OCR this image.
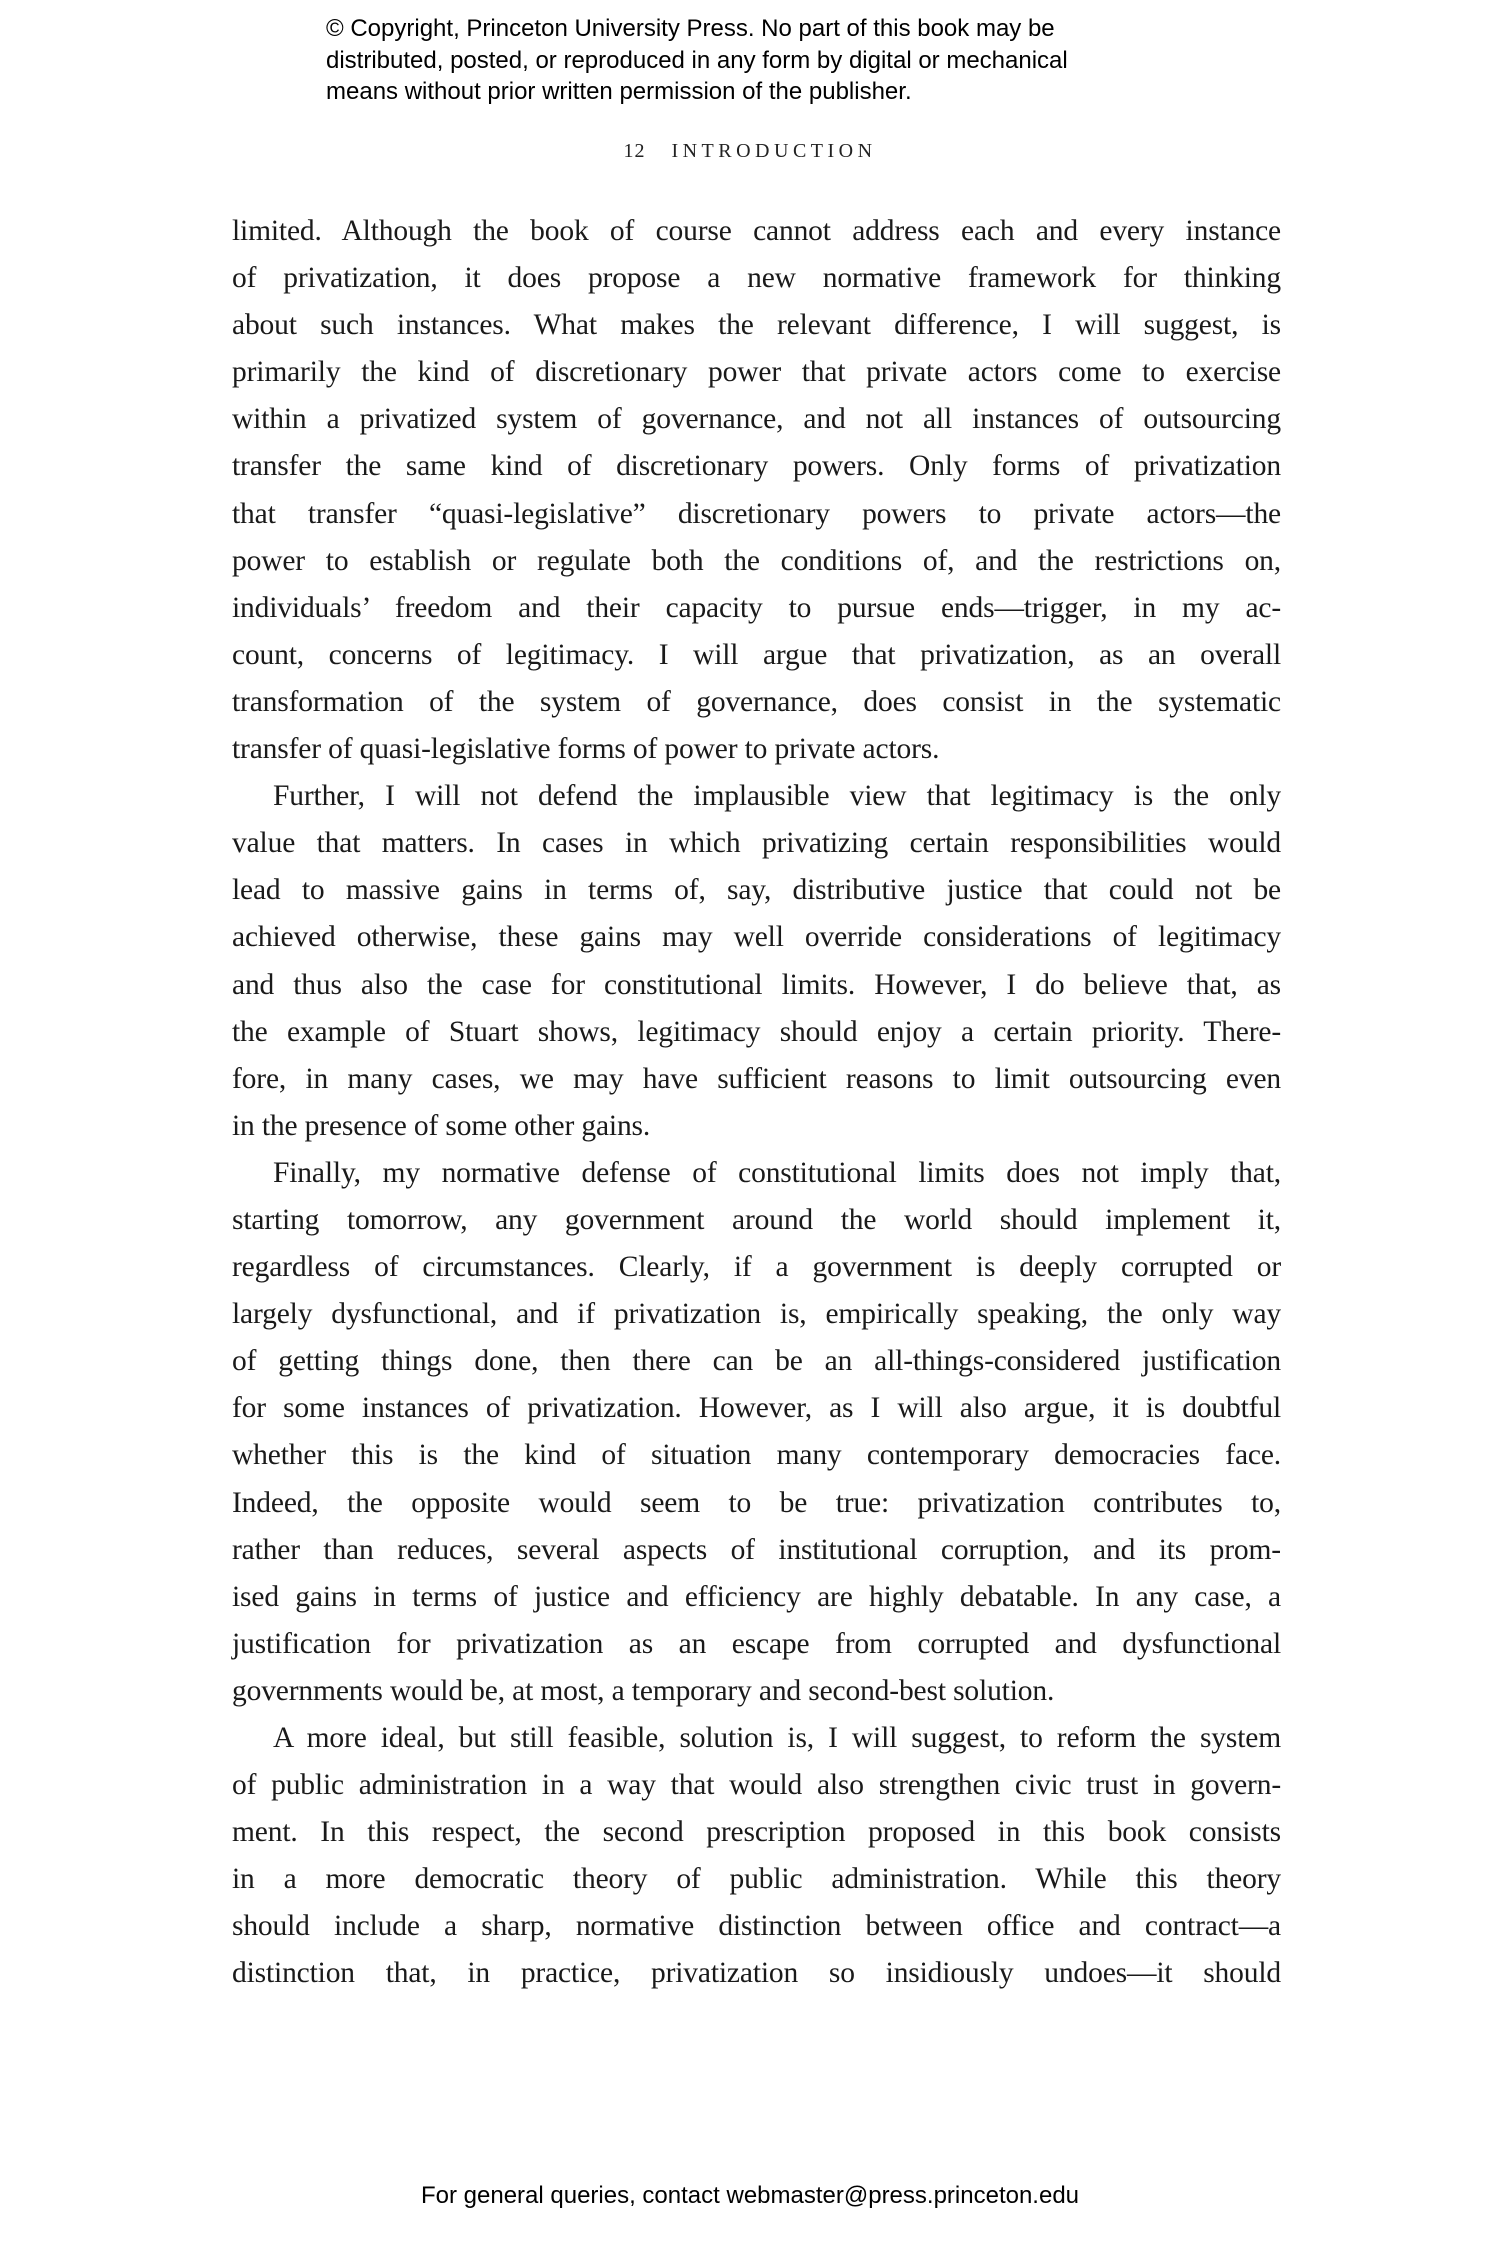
© Copyright, Princeton University Press. No part of this book may be
distributed, posted, or reproduced in any form by digital or mechanical
means without prior written permission of the publisher.
12 INTRODUCTION
limited. Although the book of course cannot address each and every instance
of privatization, it does propose a new normative framework for thinking
about such instances. What makes the relevant difference, I will suggest, is
primarily the kind of discretionary power that private actors come to exercise
within a privatized system of governance, and not all instances of outsourcing
transfer the same kind of discretionary powers. Only forms of privatization
that transfer “quasi-legislative” discretionary powers to private actors—the
power to establish or regulate both the conditions of, and the restrictions on,
individuals’ freedom and their capacity to pursue ends—trigger, in my ac-
count, concerns of legitimacy. I will argue that privatization, as an overall
transformation of the system of governance, does consist in the systematic
transfer of quasi-legislative forms of power to private actors.
Further, I will not defend the implausible view that legitimacy is the only
value that matters. In cases in which privatizing certain responsibilities would
lead to massive gains in terms of, say, distributive justice that could not be
achieved otherwise, these gains may well override considerations of legitimacy
and thus also the case for constitutional limits. However, I do believe that, as
the example of Stuart shows, legitimacy should enjoy a certain priority. There-
fore, in many cases, we may have sufficient reasons to limit outsourcing even
in the presence of some other gains.
Finally, my normative defense of constitutional limits does not imply that,
starting tomorrow, any government around the world should implement it,
regardless of circumstances. Clearly, if a government is deeply corrupted or
largely dysfunctional, and if privatization is, empirically speaking, the only way
of getting things done, then there can be an all-things-considered justification
for some instances of privatization. However, as I will also argue, it is doubtful
whether this is the kind of situation many contemporary democracies face.
Indeed, the opposite would seem to be true: privatization contributes to,
rather than reduces, several aspects of institutional corruption, and its prom-
ised gains in terms of justice and efficiency are highly debatable. In any case, a
justification for privatization as an escape from corrupted and dysfunctional
governments would be, at most, a temporary and second-best solution.
A more ideal, but still feasible, solution is, I will suggest, to reform the system
of public administration in a way that would also strengthen civic trust in govern-
ment. In this respect, the second prescription proposed in this book consists
in a more democratic theory of public administration. While this theory
should include a sharp, normative distinction between office and contract—a
distinction that, in practice, privatization so insidiously undoes—it should
For general queries, contact webmaster@press.princeton.edu
